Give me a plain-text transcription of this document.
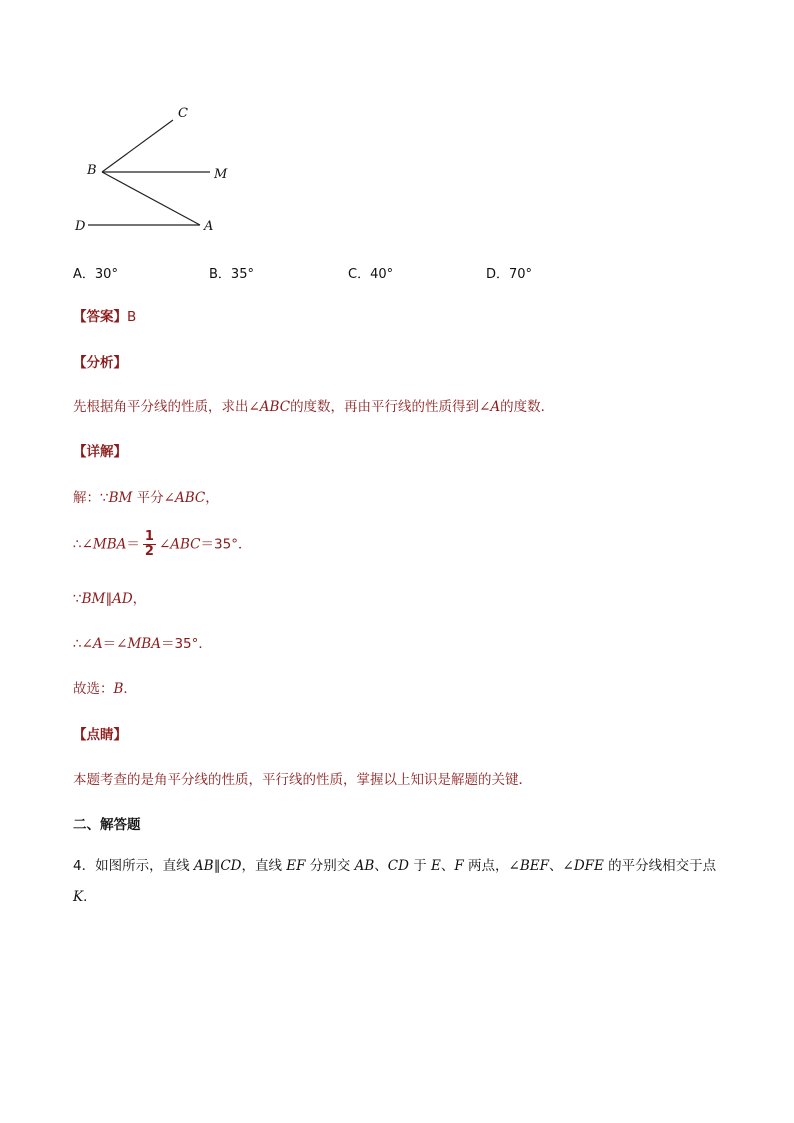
C
B	M
D	A
A．30°	B．35°	C．40°	D．70°
【答案】B
【分析】
先根据角平分线的性质，求出∠ABC的度数，再由平行线的性质得到∠A的度数．
【详解】
解：∵BM 平分∠ABC，
∴∠MBA＝ $\frac{1}{2}$ ∠ABC＝35°．
∵BM∥AD，
∴∠A＝∠MBA＝35°．
故选：B．
【点睛】
本题考查的是角平分线的性质，平行线的性质，掌握以上知识是解题的关键．
二、解答题
4．如图所示，直线 AB∥CD，直线 EF 分别交 AB、CD 于 E、F 两点，∠BEF、∠DFE 的平分线相交于点
K．
